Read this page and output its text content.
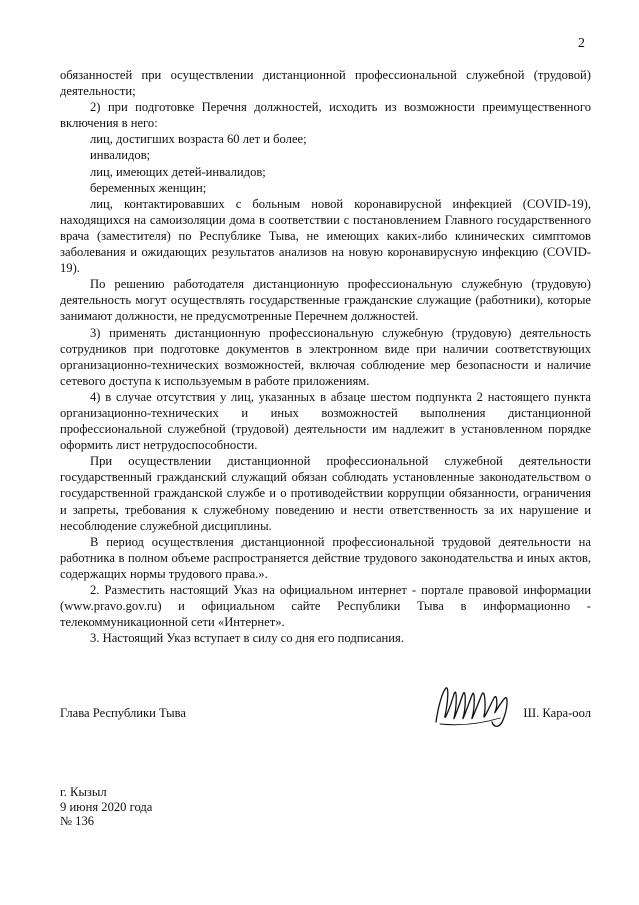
2

обязанностей при осуществлении дистанционной профессиональной служебной (трудовой) деятельности;

2) при подготовке Перечня должностей, исходить из возможности преимущественного включения в него:

лиц, достигших возраста 60 лет и более;

инвалидов;

лиц, имеющих детей-инвалидов;

беременных женщин;

лиц, контактировавших с больным новой коронавирусной инфекцией (COVID-19), находящихся на самоизоляции дома в соответствии с постановлением Главного государственного врача (заместителя) по Республике Тыва, не имеющих каких-либо клинических симптомов заболевания и ожидающих результатов анализов на новую коронавирусную инфекцию (COVID-19).

По решению работодателя дистанционную профессиональную служебную (трудовую) деятельность могут осуществлять государственные гражданские служащие (работники), которые занимают должности, не предусмотренные Перечнем должностей.

3) применять дистанционную профессиональную служебную (трудовую) деятельность сотрудников при подготовке документов в электронном виде при наличии соответствующих организационно-технических возможностей, включая соблюдение мер безопасности и наличие сетевого доступа к используемым в работе приложениям.

4) в случае отсутствия у лиц, указанных в абзаце шестом подпункта 2 настоящего пункта организационно-технических и иных возможностей выполнения дистанционной профессиональной служебной (трудовой) деятельности им надлежит в установленном порядке оформить лист нетрудоспособности.

При осуществлении дистанционной профессиональной служебной деятельности государственный гражданский служащий обязан соблюдать установленные законодательством о государственной гражданской службе и о противодействии коррупции обязанности, ограничения и запреты, требования к служебному поведению и нести ответственность за их нарушение и несоблюдение служебной дисциплины.

В период осуществления дистанционной профессиональной трудовой деятельности на работника в полном объеме распространяется действие трудового законодательства и иных актов, содержащих нормы трудового права.».

2. Разместить настоящий Указ на официальном интернет - портале правовой информации (www.pravo.gov.ru) и официальном сайте Республики Тыва в информационно - телекоммуникационной сети «Интернет».

3. Настоящий Указ вступает в силу со дня его подписания.

Глава Республики Тыва	Ш. Кара-оол
г. Кызыл
9 июня 2020 года
№ 136
